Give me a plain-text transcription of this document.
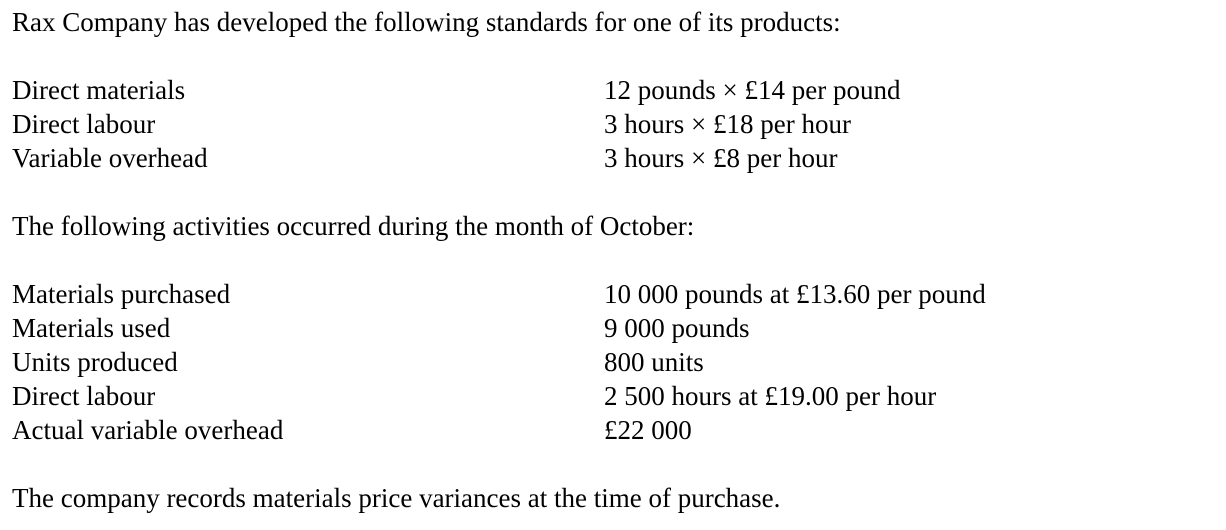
Rax Company has developed the following standards for one of its products:
Direct materials	12 pounds × £14 per pound
Direct labour	3 hours × £18 per hour
Variable overhead	3 hours × £8 per hour
The following activities occurred during the month of October:
Materials purchased	10 000 pounds at £13.60 per pound
Materials used	9 000 pounds
Units produced	800 units
Direct labour	2 500 hours at £19.00 per hour
Actual variable overhead	£22 000
The company records materials price variances at the time of purchase.
